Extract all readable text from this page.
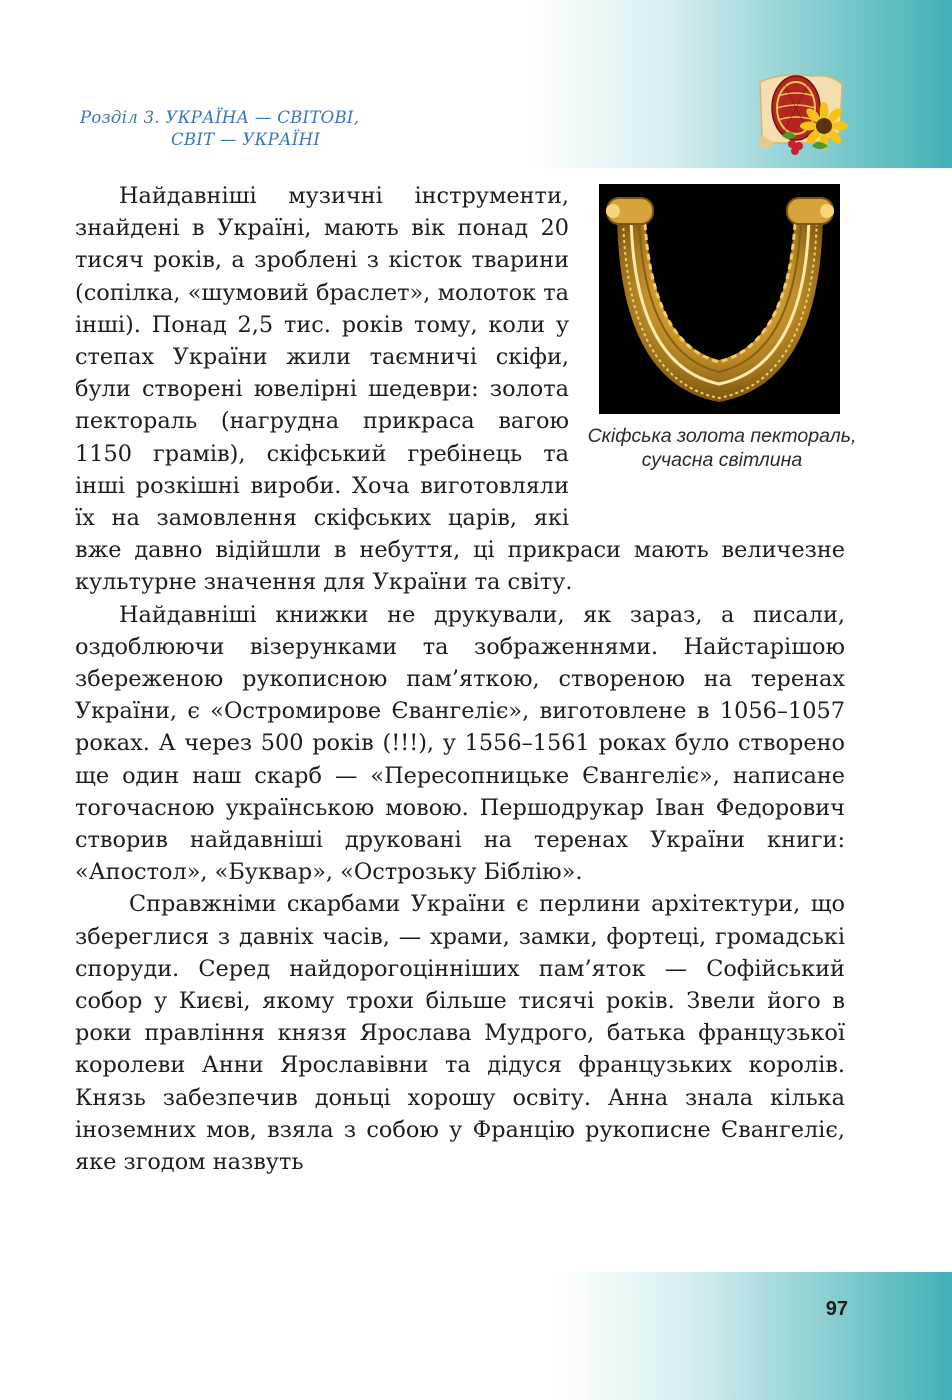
Розділ 3. УКРАЇНА — СВІТОВІ,
СВІТ — УКРАЇНІ
Скіфська золота пектораль, сучасна світлина

Найдавніші музичні інструменти, знайдені в Україні, мають вік понад 20 тисяч років, а зроблені з кісток тварини (сопілка, «шумовий браслет», молоток та інші). Понад 2,5 тис. років тому, коли у степах України жили таємничі скіфи, були створені ювелірні шедеври: золота пектораль (нагрудна прикраса вагою 1150 грамів), скіфський гребінець та інші розкішні вироби. Хоча виготовляли їх на замовлення скіфських царів, які вже давно відійшли в небуття, ці прикраси мають величезне культурне значення для України та світу.

Найдавніші книжки не друкували, як зараз, а писали, оздоблюючи візерунками та зображеннями. Найстарішою збереженою рукописною пам’яткою, створеною на теренах України, є «Остромирове Євангеліє», виготовлене в 1056–1057 роках. А через 500 років (!!!), у 1556–1561 роках було створено ще один наш скарб — «Пересопницьке Євангеліє», написане тогочасною українською мовою. Першодрукар Іван Федорович створив найдавніші друковані на теренах України книги: «Апостол», «Буквар», «Острозьку Біблію».

Справжніми скарбами України є перлини архітектури, що збереглися з давніх часів, — храми, замки, фортеці, громадські споруди. Серед найдорогоцінніших пам’яток — Софійський собор у Києві, якому трохи більше тисячі років. Звели його в роки правління князя Ярослава Мудрого, батька французької королеви Анни Ярославівни та дідуся французьких королів. Князь забезпечив доньці хорошу освіту. Анна знала кілька іноземних мов, взяла з собою у Францію рукописне Євангеліє, яке згодом назвуть

97
